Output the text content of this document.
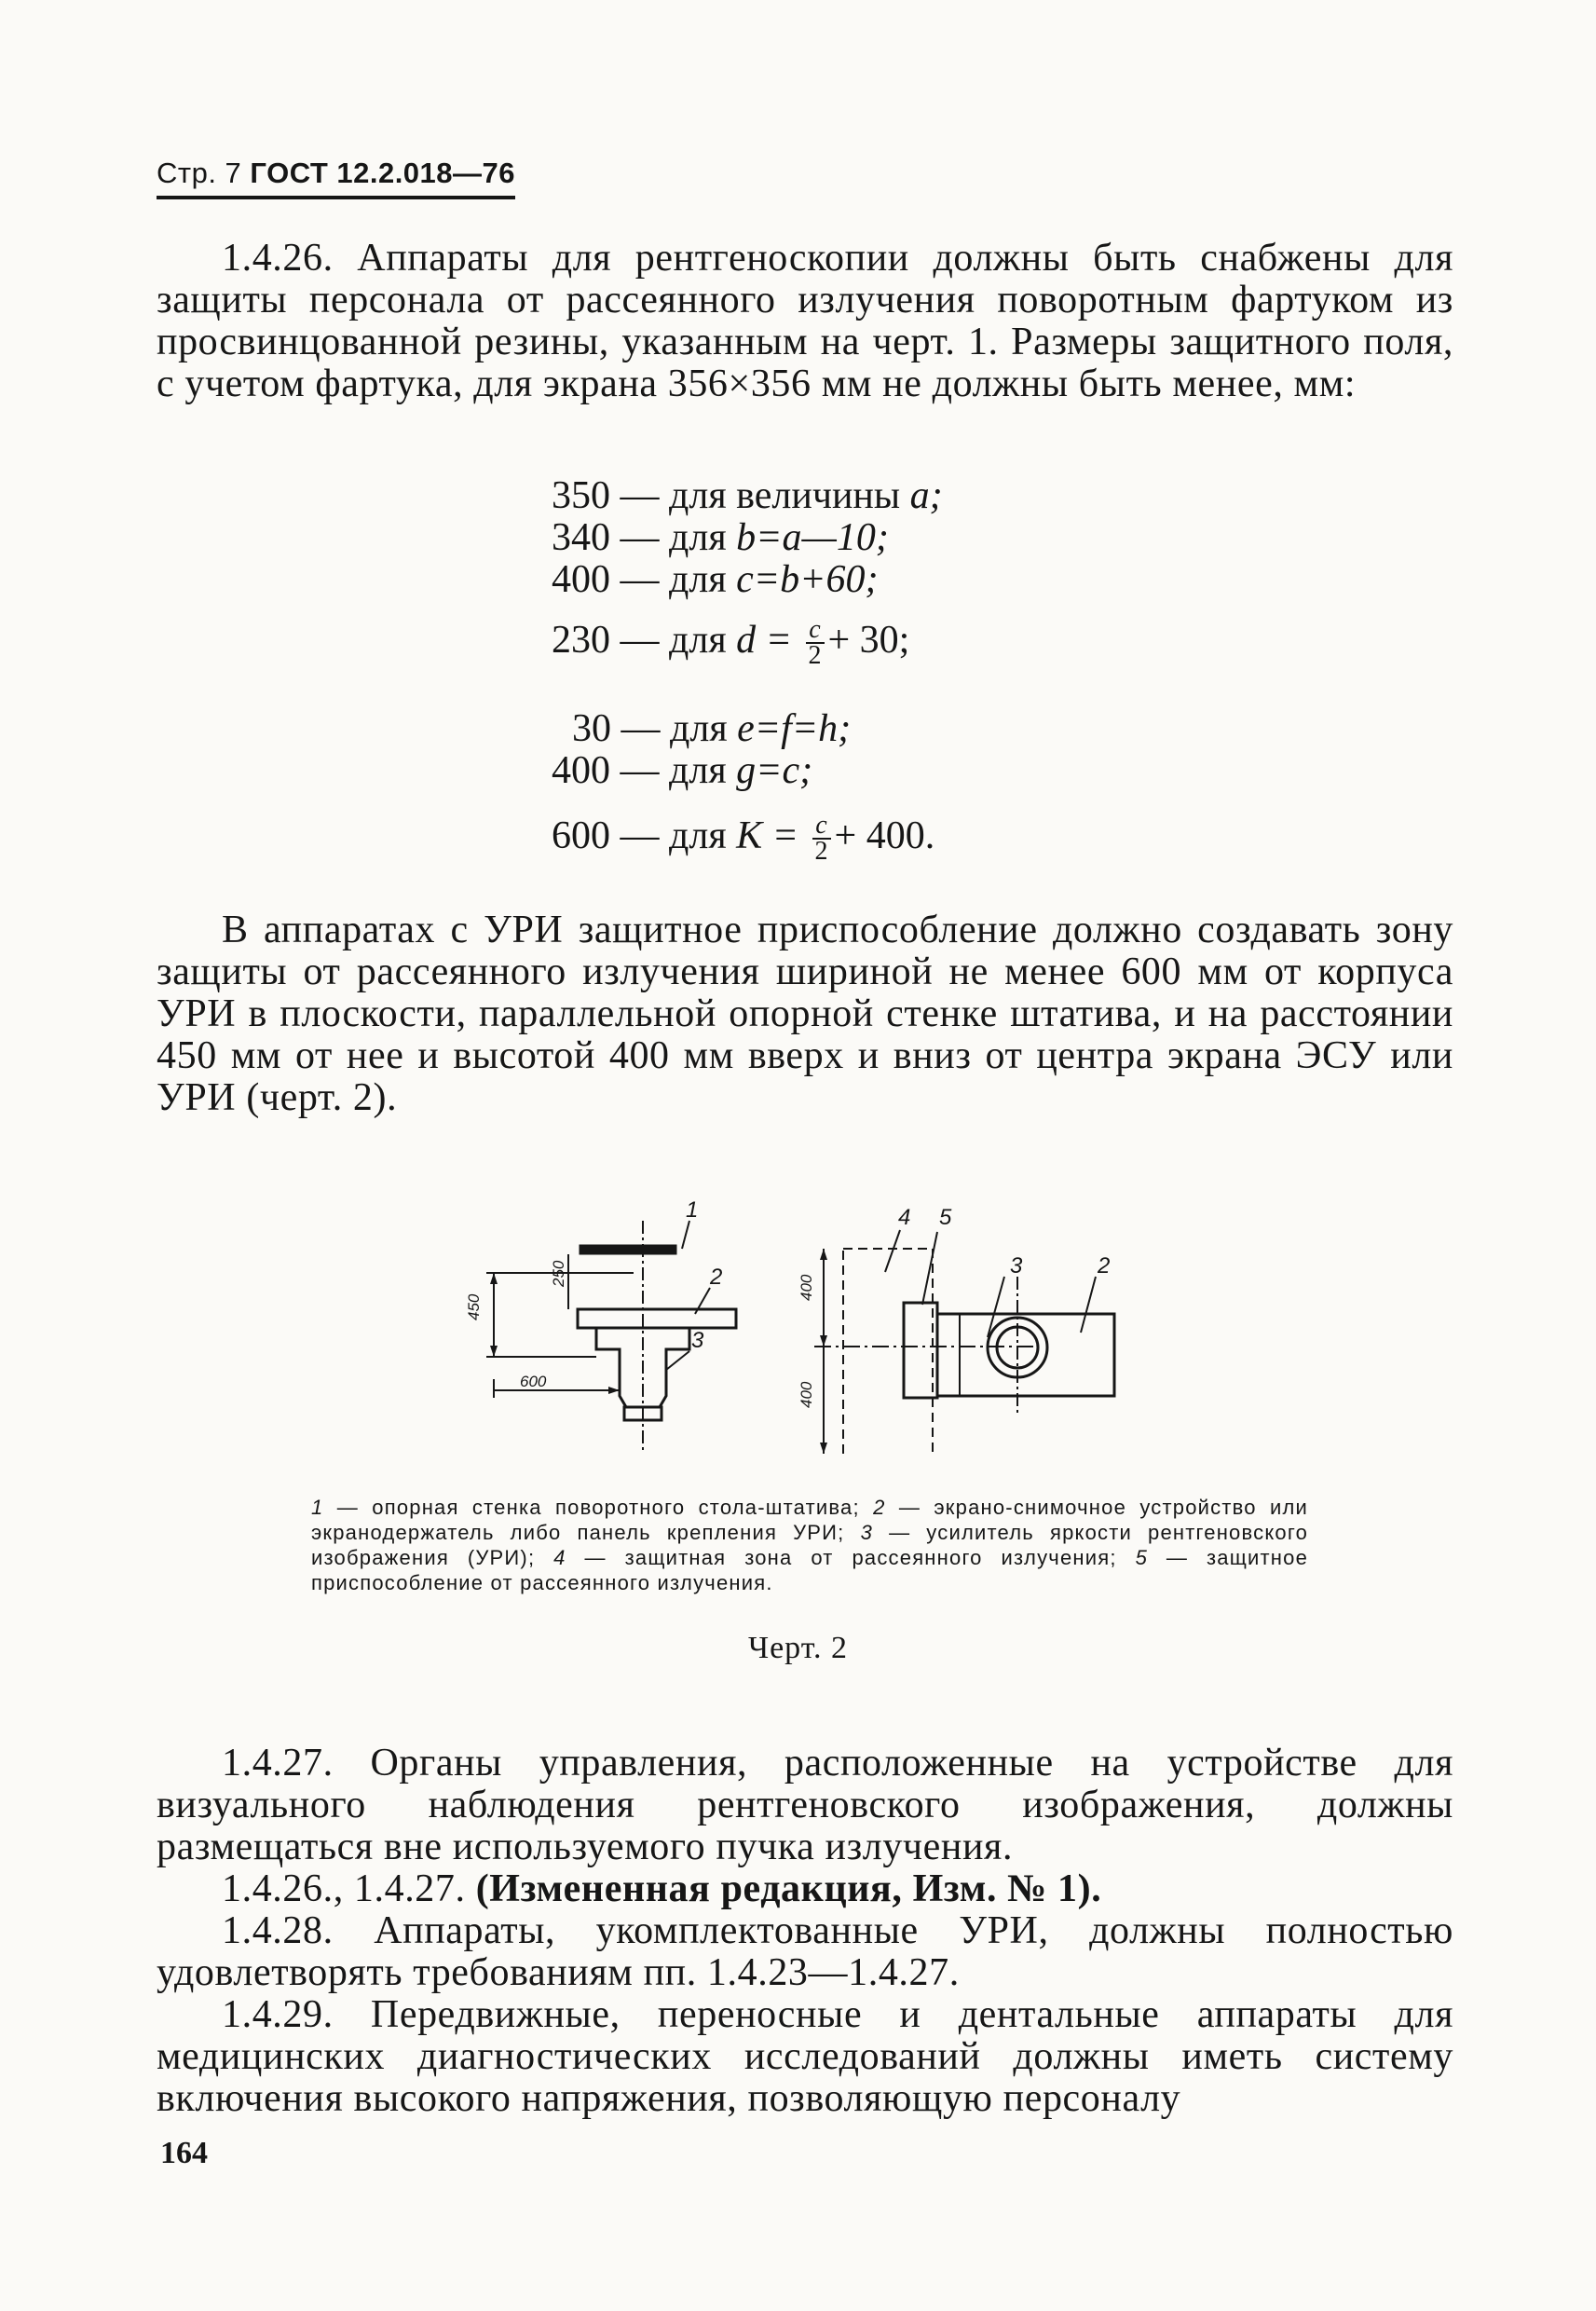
Стр. 7 ГОСТ 12.2.018—76

1.4.26. Аппараты для рентгеноскопии должны быть снабжены для защиты персонала от рассеянного излучения поворотным фартуком из просвинцованной резины, указанным на черт. 1. Размеры защитного поля, с учетом фартука, для экрана 356×356 мм не должны быть менее, мм:

350 — для величины a;
340 — для b=a—10;
400 — для c=b+60;
230 — для $d = \frac{c}{2} + 30$;
30 — для e=f=h;
400 — для g=c;
600 — для $K = \frac{c}{2} + 400$.

В аппаратах с УРИ защитное приспособление должно создавать зону защиты от рассеянного излучения шириной не менее 600 мм от корпуса УРИ в плоскости, параллельной опорной стенке штатива, и на расстоянии 450 мм от нее и высотой 400 мм вверх и вниз от центра экрана ЭСУ или УРИ (черт. 2).

450
250
600
1
2
3
400
400
4 5
3	2
1 — опорная стенка поворотного стола-штатива; 2 — экрано-снимочное устройство или экранодержатель либо панель крепления УРИ; 3 — усилитель яркости рентгеновского изображения (УРИ); 4 — защитная зона от рассеянного излучения; 5 — защитное приспособление от рассеянного излучения.
Черт. 2

1.4.27. Органы управления, расположенные на устройстве для визуального наблюдения рентгеновского изображения, должны размещаться вне используемого пучка излучения.

1.4.26., 1.4.27. (Измененная редакция, Изм. № 1).

1.4.28. Аппараты, укомплектованные УРИ, должны полностью удовлетворять требованиям пп. 1.4.23—1.4.27.

1.4.29. Передвижные, переносные и дентальные аппараты для медицинских диагностических исследований должны иметь систему включения высокого напряжения, позволяющую персоналу

164
